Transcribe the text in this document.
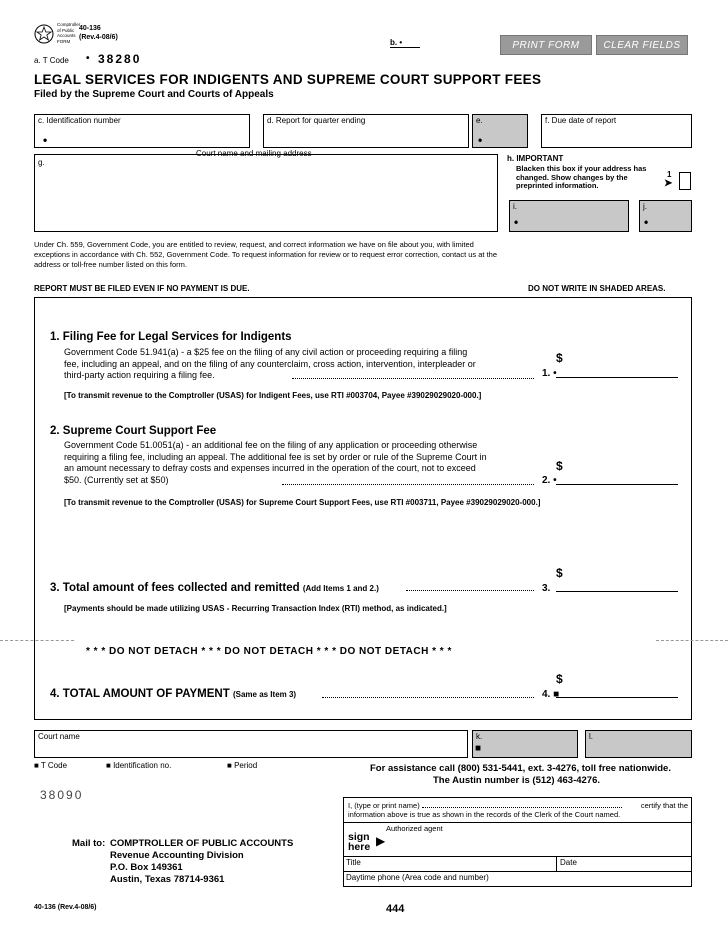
Comptroller of Public Accounts FORM
40-136
(Rev.4-08/6)
b. •	PRINT FORM	CLEAR FIELDS
a. T Code • 38280
LEGAL SERVICES FOR INDIGENTS AND SUPREME COURT SUPPORT FEES
Filed by the Supreme Court and Courts of Appeals
c. Identification number
•
d. Report for quarter ending	e.
•
f. Due date of report
Court name and mailing address
g.	h. IMPORTANT
Blacken this box if your address has changed. Show changes by the preprinted information.
1
➤
i.
•
j.
•
Under Ch. 559, Government Code, you are entitled to review, request, and correct information we have on file about you, with limited exceptions in accordance with Ch. 552, Government Code. To request information for review or to request error correction, contact us at the address or toll-free number listed on this form.
REPORT MUST BE FILED EVEN IF NO PAYMENT IS DUE.	DO NOT WRITE IN SHADED AREAS.
1. Filing Fee for Legal Services for Indigents
Government Code 51.941(a) - a $25 fee on the filing of any civil action or proceeding requiring a filing fee, including an appeal, and on the filing of any counterclaim, cross action, intervention, interpleader or third-party action requiring a filing fee.
$
1. •
[To transmit revenue to the Comptroller (USAS) for Indigent Fees, use RTI #003704, Payee #39029029020-000.]
2. Supreme Court Support Fee
Government Code 51.0051(a) - an additional fee on the filing of any application or proceeding otherwise requiring a filing fee, including an appeal. The additional fee is set by order or rule of the Supreme Court in an amount necessary to defray costs and expenses incurred in the operation of the court, not to exceed $50. (Currently set at $50)
$
2. •
[To transmit revenue to the Comptroller (USAS) for Supreme Court Support Fees, use RTI #003711, Payee #39029029020-000.]
3. Total amount of fees collected and remitted (Add Items 1 and 2.)
$
3.
[Payments should be made utilizing USAS - Recurring Transaction Index (RTI) method, as indicated.]
* * * DO NOT DETACH * * * DO NOT DETACH * * * DO NOT DETACH * * *
4. TOTAL AMOUNT OF PAYMENT (Same as Item 3)
$
4. ■
Court name	k.
■
l.
■ T Code	■ Identification no.	■ Period	For assistance call (800) 531-5441, ext. 3-4276, toll free nationwide.
The Austin number is (512) 463-4276.
38090
I, (type or print name)	certify that the
information above is true as shown in the records of the Clerk of the Court named.
Authorized agent
sign
here ▶
Title	Date
Daytime phone (Area code and number)
Mail to: COMPTROLLER OF PUBLIC ACCOUNTS
Revenue Accounting Division
P.O. Box 149361
Austin, Texas 78714-9361
40-136 (Rev.4-08/6)	444
